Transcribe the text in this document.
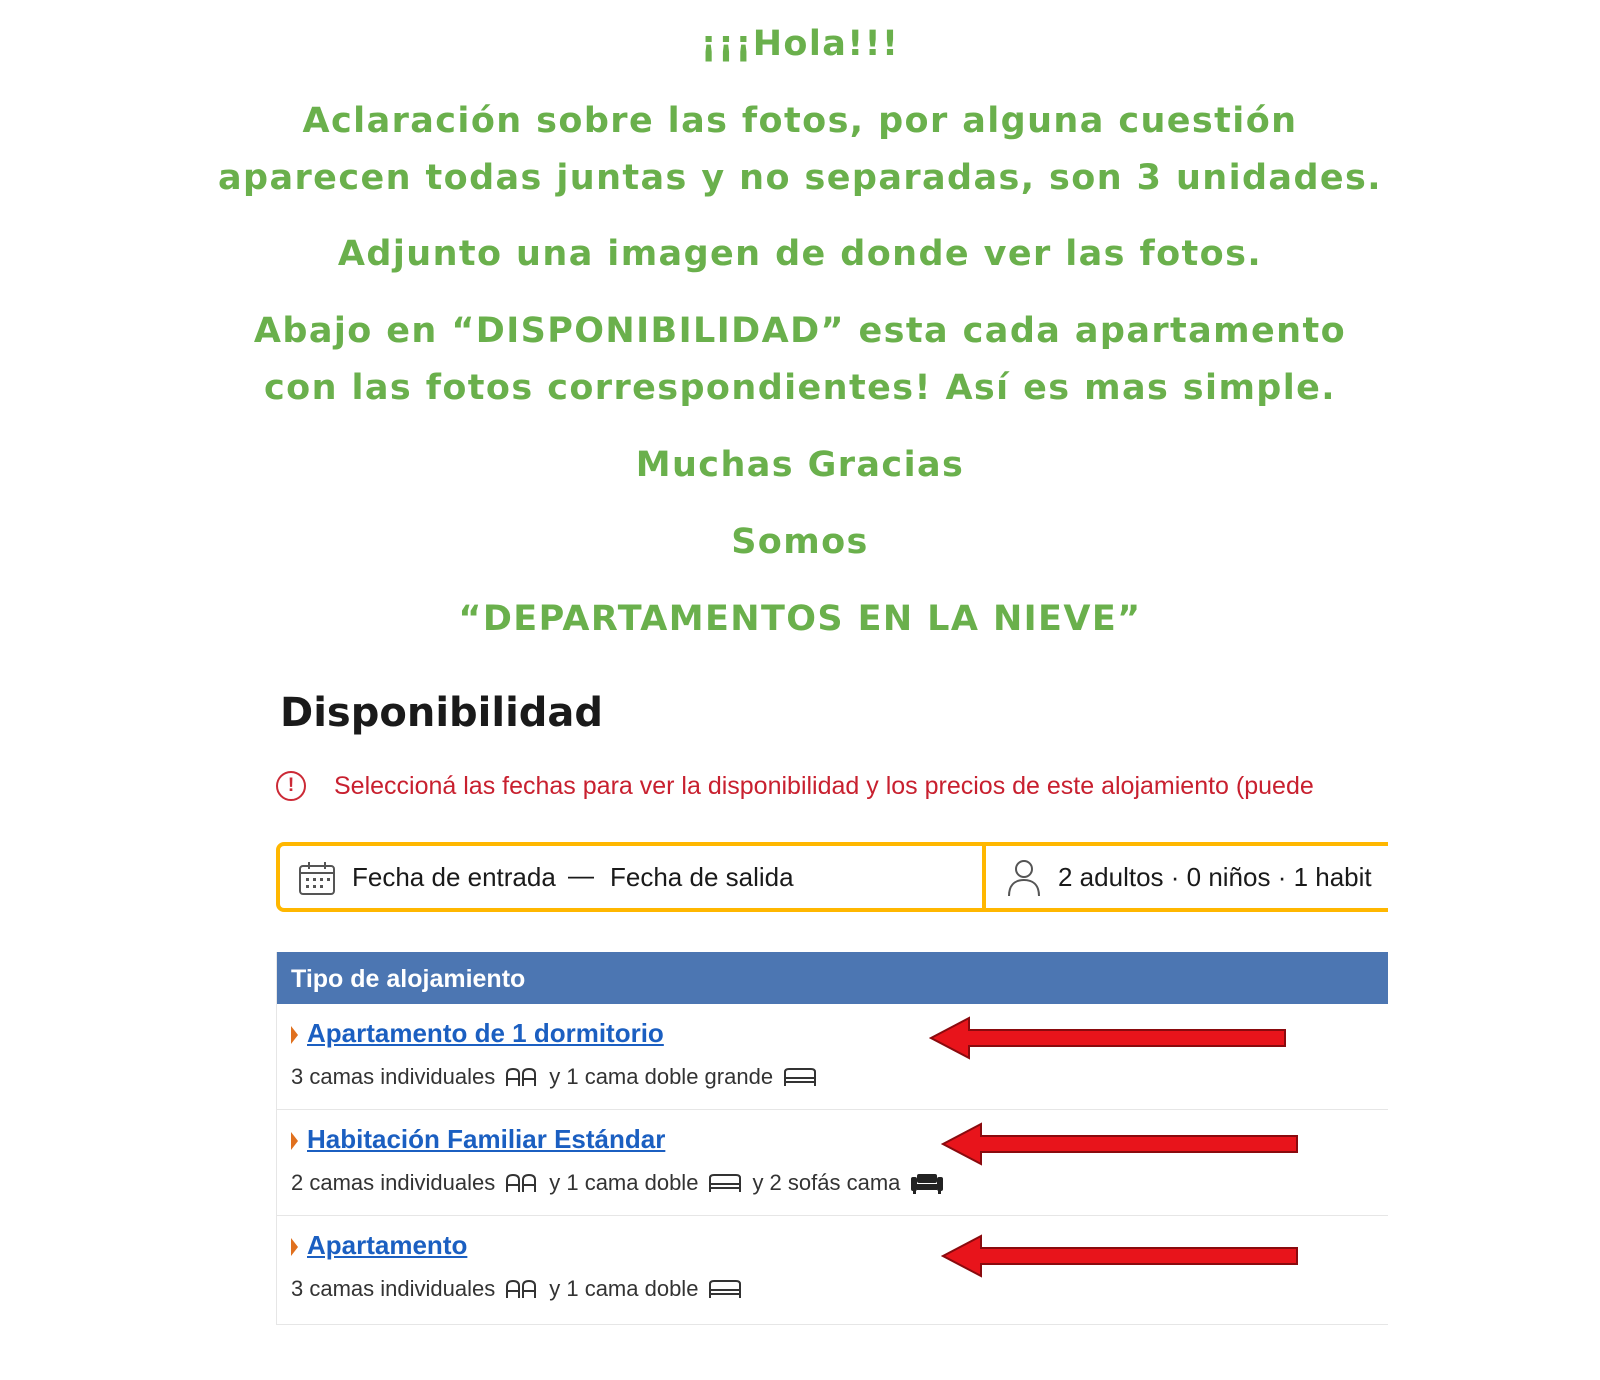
¡¡¡Hola!!!

Aclaración sobre las fotos, por alguna cuestión
aparecen todas juntas y no separadas, son 3 unidades.

Adjunto una imagen de donde ver las fotos.

Abajo en “DISPONIBILIDAD” esta cada apartamento
con las fotos correspondientes! Así es mas simple.

Muchas Gracias

Somos

“DEPARTAMENTOS EN LA NIEVE”

Disponibilidad
!	Seleccioná las fechas para ver la disponibilidad y los precios de este alojamiento (puede
Fecha de entrada — Fecha de salida	2 adultos · 0 niños · 1 habit
Tipo de alojamiento
Apartamento de 1 dormitorio
3 camas individuales y 1 cama doble grande
Habitación Familiar Estándar
2 camas individuales y 1 cama doble y 2 sofás cama
Apartamento
3 camas individuales y 1 cama doble
